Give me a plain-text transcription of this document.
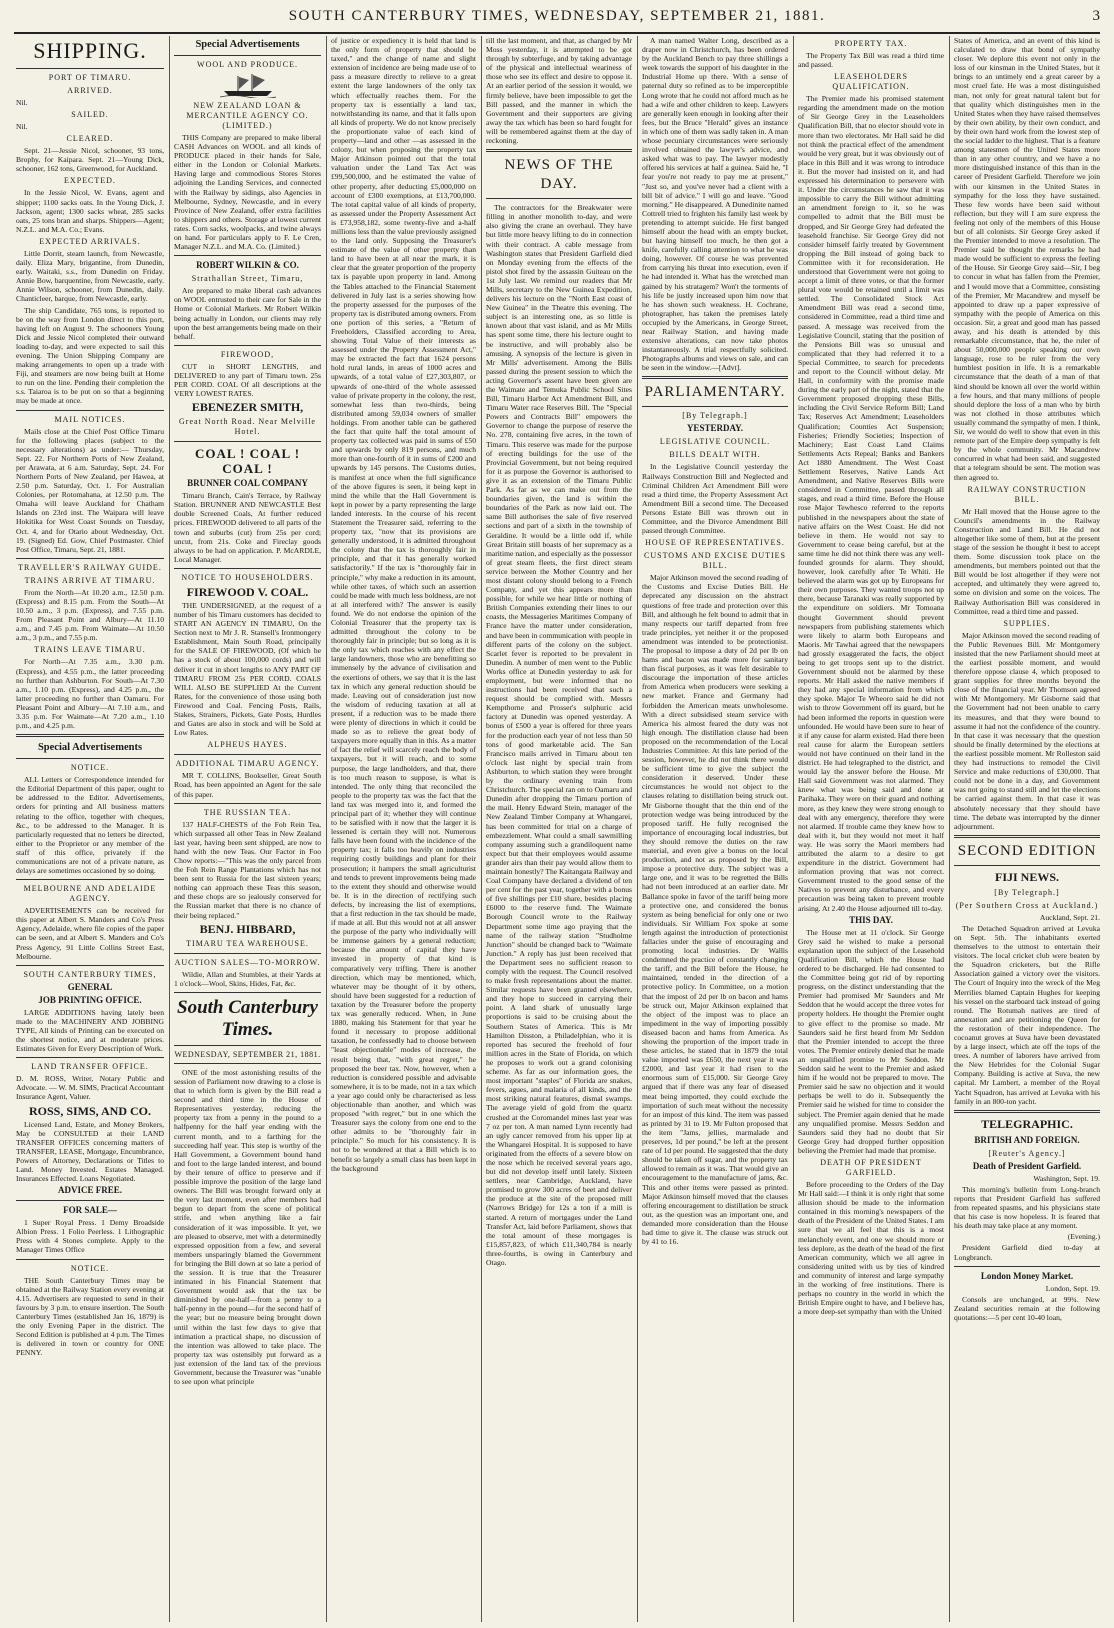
SOUTH CANTERBURY TIMES, WEDNESDAY, SEPTEMBER 21, 1881.	3
SHIPPING.
PORT OF TIMARU.
ARRIVED.

Nil.

SAILED.

Nil.

CLEARED.

Sept. 21—Jessie Nicol, schooner, 93 tons, Brophy, for Kaipara. Sept. 21—Young Dick, schooner, 162 tons, Greenwood, for Auckland.

EXPECTED.

In the Jessie Nicol, W. Evans, agent and shipper; 1100 sacks oats. In the Young Dick, J. Jackson, agent; 1300 sacks wheat, 285 sacks oats, 25 tons bran and sharps. Shippers—Agent; N.Z.L. and M.A. Co.; Evans.

EXPECTED ARRIVALS.

Little Dorrit, steam launch, from Newcastle, daily. Eliza Mary, brigantine, from Dunedin, early. Waitaki, s.s., from Dunedin on Friday. Annie Bow, barquentine, from Newcastle, early. Annie Wilson, schooner, from Dunedin, daily. Chanticleer, barque, from Newcastle, early.

The ship Candidate, 765 tons, is reported to be on the way from London direct to this port, having left on August 9. The schooners Young Dick and Jessie Nicol completed their outward loading to-day, and were expected to sail this evening. The Union Shipping Company are making arrangements to open up a trade with Fiji, and steamers are now being built at Home to run on the line. Pending their completion the s.s. Taiaroa is to be put on so that a beginning may be made at once.

MAIL NOTICES.

Mails close at the Chief Post Office Timaru for the following places (subject to the necessary alterations) as under:— Thursday, Sept. 22. For Northern Ports of New Zealand, per Arawata, at 6 a.m. Saturday, Sept. 24. For Northern Ports of New Zealand, per Hawea, at 2.50 p.m. Saturday, Oct. 1. For Australian Colonies, per Rotomahana, at 12.50 p.m. The Omaha will leave Auckland for Chatham Islands on 23rd inst. The Waipara will leave Hokitika for West Coast Sounds on Tuesday, Oct. 4, and for Otario about Wednesday, Oct. 19. (Signed) Ed. Gow, Chief Postmaster. Chief Post Office, Timaru, Sept. 21, 1881.

TRAVELLER'S RAILWAY GUIDE.
TRAINS ARRIVE AT TIMARU.

From the North—At 10.20 a.m., 12.50 p.m. (Express) and 8.15 p.m. From the South—At 10.50 a.m., 3 p.m. (Express), and 7.55 p.m. From Pleasant Point and Albury—At 11.10 a.m., and 7.45 p.m. From Waimate—At 10.50 a.m., 3 p.m., and 7.55 p.m.

TRAINS LEAVE TIMARU.

For North—At 7.35 a.m., 3.30 p.m. (Express), and 4.55 p.m., the latter proceeding no further than Ashburton. For South—At 7.30 a.m., 1.10 p.m. (Express), and 4.25 p.m., the latter proceeding no further than Oamaru. For Pleasant Point and Albury—At 7.10 a.m., and 3.35 p.m. For Waimate—At 7.20 a.m., 1.10 p.m., and 4.25 p.m.

Special Advertisements
NOTICE.

ALL Letters or Correspondence intended for the Editorial Department of this paper, ought to be addressed to the Editor. Advertisements, orders for printing and All business matters relating to the office, together with cheques, &c., to be addressed to the Manager. It is particularly requested that no letters be directed, either to the Proprietor or any member of the staff of this office, privately if the communications are not of a private nature, as delays are sometimes occasioned by so doing.

MELBOURNE AND ADELAIDE AGENCY.

ADVERTISEMENTS can be received for this paper at Albert S. Manders and Co's Press Agency, Adelaide, where file copies of the paper can be seen, and at Albert S. Manders and Co's Press Agency, 91 Little Collins Street East, Melbourne.

SOUTH CANTERBURY TIMES,
GENERAL
JOB PRINTING OFFICE.

LARGE ADDITIONS having lately been made to the MACHINERY AND JOBBING TYPE, All kinds of Printing can be executed on the shortest notice, and at moderate prices. Estimates Given for Every Description of Work.

LAND TRANSFER OFFICE.

D. M. ROSS, Writer, Notary Public and Advocate. — W. M. SIMS, Practical Accountant Insurance Agent, Valuer.

ROSS, SIMS, AND CO.

Licensed Land, Estate, and Money Brokers, May be CONSULTED at their LAND TRANSFER OFFICES concerning matters of TRANSFER, LEASE, Mortgage, Encumbrance, Powers of Attorney, Declarations or Titles to Land. Money Invested. Estates Managed. Insurances Effected. Loans Negotiated.

ADVICE FREE.
FOR SALE—

1 Super Royal Press. 1 Demy Broadside Albion Press. 1 Folio Peerless. 1 Lithographic Press with 4 Stones complete. Apply to the Manager Times Office

NOTICE.

THE South Canterbury Times may be obtained at the Railway Station every evening at 4.15. Advertisers are requested to send in their favours by 3 p.m. to ensure insertion. The South Canterbury Times (established Jan 16, 1879) is the only Evening Paper in the district. The Second Edition is published at 4 p.m. The Times is delivered in town or country for ONE PENNY.

Special Advertisements
WOOL AND PRODUCE.
NEW ZEALAND LOAN & MERCANTILE AGENCY CO. (LIMITED.)

THIS Company are prepared to make liberal CASH Advances on WOOL and all kinds of PRODUCE placed in their hands for Sale, either in the London or Colonial Markets. Having large and commodious Stores Stores adjoining the Landing Services, and connected with the Railway by sidings, also Agencies in Melbourne, Sydney, Newcastle, and in every Province of New Zealand, offer extra facilities to shippers and others. Storage at lowest current rates. Corn sacks, woolpacks, and twine always on hand. For particulars apply to F. Le Cren, Manager N.Z.L. and M.A. Co. (Limited.)

ROBERT WILKIN & CO.
Strathallan Street, Timaru,

Are prepared to make liberal cash advances on WOOL entrusted to their care for Sale in the Home or Colonial Markets. Mr Robert Wilkin being actually in London, our clients may rely upon the best arrangements being made on their behalf.

FIREWOOD,

CUT in SHORT LENGTHS, and DELIVERED to any part of Timaru town. 25s PER CORD. COAL Of all descriptions at the VERY LOWEST RATES.

EBENEZER SMITH,
Great North Road. Near Melville Hotel.
COAL ! COAL ! COAL !
BRUNNER COAL COMPANY

Timaru Branch, Cain's Terrace, by Railway Station. BRUNNER AND NEWCASTLE Best double Screened Coals, At further reduced prices. FIREWOOD delivered to all parts of the town and suburbs (cut) from 25s per cord; uncut, from 21s. Coke and Fireclay goods always to be had on application. P. McARDLE, Local Manager.

NOTICE TO HOUSEHOLDERS.
FIREWOOD V. COAL.

THE UNDERSIGNED, at the request of a number of his Timaru customers has decided to START AN AGENCY IN TIMARU, On the Section next to Mr J. R. Stansell's Ironmongery Establishment, Main South Road, principally for the SALE OF FIREWOOD, (Of which he has a stock of about 100,000 cords) and will deliver it cut in short lengths to ANY PART OF TIMARU FROM 25s PER CORD. COALS WILL ALSO BE SUPPLIED At the Current Rates, for the convenience of those using both Firewood and Coal. Fencing Posts, Rails, Stakes, Strainers, Pickets, Gate Posts, Hurdles and Gates are also in stock and will be Sold at Low Rates.

ALPHEUS HAYES.
ADDITIONAL TIMARU AGENCY.

MR T. COLLINS, Bookseller, Great South Road, has been appointed an Agent for the sale of this paper.

THE RUSSIAN TEA.

137 HALF-CHESTS of the Foh Rein Tea, which surpassed all other Teas in New Zealand last year, having been sent shipped, are now to hand with the new Teas. Our Factor in Foo Chow reports:—"This was the only parcel from the Foh Rein Range Plantations which has not been sent to Russia for the last sixteen years; nothing can approach these Teas this season, and these chops are so jealously conserved for the Russian market that there is no chance of their being replaced."

BENJ. HIBBARD,
TIMARU TEA WAREHOUSE.
AUCTION SALES—TO-MORROW.

Wildie, Allan and Stumbles, at their Yards at 1 o'clock—Wool, Skins, Hides, Fat, &c.

South Canterbury Times.
WEDNESDAY, SEPTEMBER 21, 1881.

ONE of the most astonishing results of the session of Parliament now drawing to a close is that to which form is given by the Bill read a second and third time in the House of Representatives yesterday, reducing the property tax from a penny in the pound to a halfpenny for the half year ending with the current month, and to a farthing for the succeeding half year. This step is worthy of the Hall Government, a Government bound hand and foot to the large landed interest, and bound by their tenure of office to preserve and if possible improve the position of the large land owners. The Bill was brought forward only at the very last moment, even after members had begun to depart from the scene of political strife, and when anything like a fair consideration of it was impossible. It yet, we are pleased to observe, met with a determinedly expressed opposition from a few, and several members unsparingly blamed the Government for bringing the Bill down at so late a period of the session. It is true that the Treasurer intimated in his Financial Statement that Government would ask that the tax be diminished by one-half—from a penny to a half-penny in the pound—for the second half of the year; but no measure being brought down until within the last few days to give that intimation a practical shape, no discussion of the intention was allowed to take place. The property tax was ostensibly put forward as a just extension of the land tax of the previous Government, because the Treasurer was "unable to see upon what principle

of justice or expediency it is held that land is the only form of property that should be taxed," and the change of name and slight extension of incidence are being made use of to pass a measure directly to relieve to a great extent the large landowners of the only tax which effectually reaches them. For the property tax is essentially a land tax, notwithstanding its name, and that it falls upon all kinds of property. We do not know precisely the proportionate value of each kind of property—land and other —as assessed in the colony, but when proposing the property tax Major Atkinson pointed out that the total valuation under the Land Tax Act was £99,500,000, and he estimated the value of other property, after deducting £5,000,000 on account of £300 exemptions, at £13,700,000. The total capital value of all kinds of property, as assessed under the Property Assessment Act is £73,958,182, some twenty-five and a-half millions less than the value previously assigned to the land only. Supposing the Treasurer's estimate of the value of other property than land to have been at all near the mark, it is clear that the greater proportion of the property tax is payable upon property in land. Among the Tables attached to the Financial Statement delivered in July last is a series showing how the property assessed for the purposes of the property tax is distributed among owners. From one portion of this series, a "Return of Freeholders, Classified according to Area, showing Total Value of their interests as assessed under the Property Assessment Act," may be extracted the fact that 1624 persons hold rural lands, in areas of 1000 acres and upwards, of a total value of £27,303,807, or upwards of one-third of the whole assessed value of private property in the colony, the rest, somewhat less than two-thirds, being distributed among 59,034 owners of smaller holdings. From another table can be gathered the fact that quite half the total amount of property tax collected was paid in sums of £50 and upwards by only 819 persons, and much more than one-fourth of it in sums of £200 and upwards by 145 persons. The Customs duties, is manifest at once when the full significance of the above figures is seen, it being kept in mind the while that the Hall Government is kept in power by a party representing the large landed interests. In the course of his recent Statement the Treasurer said, referring to the property tax, "now that its provisions are generally understood, it is admitted throughout the colony that the tax is thoroughly fair in principle, and that it has generally worked satisfactorily." If the tax is "thoroughly fair in principle," why make a reduction in its amount, while other taxes, of which such an assertion could be made with much less boldness, are not at all interfered with? The answer is easily found. We do not endorse the opinion of the Colonial Treasurer that the property tax is admitted throughout the colony to be thoroughly fair in principle; but so long as it is the only tax which reaches with any effect the large landowners, those who are benefitting so immensely by the advance of civilisation and the exertions of others, we say that it is the last tax in which any general reduction should be made. Leaving out of consideration just now the wisdom of reducing taxation at all at present, if a reduction was to be made there were plenty of directions in which it could be made so as to relieve the great body of taxpayers more equally than in this. As a matter of fact the relief will scarcely reach the body of taxpayers, but it will reach, and to some purpose, the large landholders, and that, there is too much reason to suppose, is what is intended. The only thing that reconciled the people to the property tax was the fact that the land tax was merged into it, and formed the principal part of it; whether they will continue to be satisfied with it now that the larger it is lessened is certain they will not. Numerous falls have been found with the incidence of the property tax; it falls too heavily on industries requiring costly buildings and plant for their prosecution; it hampers the small agriculturist and tends to prevent improvements being made to the extent they should and otherwise would be. It is in the direction of rectifying such defects, by increasing the list of exemptions, that a first reduction in the tax should be made, if made at all. But this would not at all answer the purpose of the party who individually will be immense gainers by a general reduction; because the amount of capital they have invested in property of that kind is comparatively very trifling. There is another direction, which may be mentioned, which, whatever may be thought of it by others, should have been suggested for a reduction of taxation by the Treasurer before the property tax was generally reduced. When, in June 1880, making his Statement for that year he found it necessary to propose additional taxation, he confessedly had to choose between "least objectionable" modes of increase, the result being that, "with great regret," he proposed the beer tax. Now, however, when a reduction is considered possible and advisable somewhere, it is to be made, not in a tax which a year ago could only be characterised as less objectionable than another, and which was proposed "with regret," but in one which the Treasurer says the colony from one end to the other admits to be "thoroughly fair in principle." So much for his consistency. It is not to be wondered at that a Bill which is to benefit so largely a small class has been kept in the background

till the last moment, and that, as charged by Mr Moss yesterday, it is attempted to be got through by subterfuge, and by taking advantage of the physical and intellectual weariness of those who see its effect and desire to oppose it. At an earlier period of the session it would, we firmly believe, have been impossible to get the Bill passed, and the manner in which the Government and their supporters are giving away the tax which has been so hard fought for will be remembered against them at the day of reckoning.

NEWS OF THE DAY.

The contractors for the Breakwater were filling in another monolith to-day, and were also giving the crane an overhaul. They have but little more heavy lifting to do in connection with their contract. A cable message from Washington states that President Garfield died on Monday evening from the effects of the pistol shot fired by the assassin Guiteau on the 1st July last. We remind our readers that Mr Mills, secretary to the New Guinea Expedition, delivers his lecture on the "North East coast of New Guinea" in the Theatre this evening. The subject is an interesting one, as so little is known about that vast island, and as Mr Mills has spent some time, there his lecture ought to be instructive, and will probably also be amusing. A synopsis of the lecture is given in Mr Mills' advertisement. Among the Bills passed during the present session to which the acting Governor's assent have been given are the Waimate and Temuka Public School Sites Bill, Timaru Harbor Act Amendment Bill, and Timaru Water race Reserves Bill. The "Special Powers and Contracts Bill" empowers the Governor to change the purpose of reserve the No. 278, containing five acres, in the town of Timaru. This reserve was made for the purpose of erecting buildings for the use of the Provincial Government, but not being required for it as purpose the Governor is authorised to give it as an extension of the Timaru Public Park. As far as we can make out from the boundaries given, the land is within the boundaries of the Park as now laid out. The same Bill authorises the sale of five reserved sections and part of a sixth in the township of Geraldine. It would be a little odd if, while Great Britain still boasts of her supremacy as a maritime nation, and especially as the possessor of great steam fleets, the first direct steam service between the Mother Country and her most distant colony should belong to a French Company, and yet this appears more than possible, for while we hear little or nothing of British Companies extending their lines to our coasts, the Messageries Maritimes Company of France have the matter under consideration, and have been in communication with people in different parts of the colony on the subject. Scarlet fever is reported to be prevalent in Dunedin. A number of men went to the Public Works office at Dunedin yesterday to ask for employment, but were informed that no instructions had been received that such a request should be complied with. Messrs Kempthorne and Prosser's sulphuric acid factory at Dunedin was opened yesterday. A bonus of £500 a year is offered for three years for the production each year of not less than 50 tons of good marketable acid. The San Francisco mails arrived in Timaru about ten o'clock last night by special train from Ashburton, to which station they were brought by the ordinary evening train from Christchurch. The special ran on to Oamaru and Dunedin after dropping the Timaru portion of the mail. Henry Edward Stein, manager of the New Zealand Timber Company at Whangarei, has been committed for trial on a charge of embezzlement. What could a small sawmilling company assuming such a grandiloquent name expect but that their employees would assume grander airs than their pay would allow them to maintain honestly? The Kaitangata Railway and Coal Company have declared a dividend of ten per cent for the past year, together with a bonus of five shillings per £10 share, besides placing £6000 to the reserve fund. The Waimate Borough Council wrote to the Railway Department some time ago praying that the name of the railway station "Studholme Junction" should be changed back to "Waimate Junction." A reply has just been received that the Department sees no sufficient reason to comply with the request. The Council resolved to make fresh representations about the matter. Similar requests have been granted elsewhere, and they hope to succeed in carrying their point. A land shark of unusually large proportions is said to be cruising about the Southern States of America. This is Mr Hamilton Disston, a Philadelphian, who it is reported has secured the freehold of four million acres in the State of Florida, on which he proposes to work out a grand colonising scheme. As far as our information goes, the most important "staples" of Florida are snakes, fevers, agues, and malaria of all kinds, and the most striking natural features, dismal swamps. The average yield of gold from the quartz crushed at the Coromandel mines last year was 7 oz per ton. A man named Lynn recently had an ugly cancer removed from his upper lip at the Whangarei Hospital. It is supposed to have originated from the effects of a severe blow on the nose which he received several years ago, but did not develop itself until lately. Sixteen settlers, near Cambridge, Auckland, have promised to grow 300 acres of beet and deliver the produce at the site of the proposed mill (Narrows Bridge) for 12s a ton if a mill is started. A return of mortgages under the Land Transfer Act, laid before Parliament, shows that the total amount of these mortgages is £15,857,823, of which £11,340,784 is nearly three-fourths, is owing in Canterbury and Otago.

A man named Walter Long, described as a draper now in Christchurch, has been ordered by the Auckland Bench to pay three shillings a week towards the support of his daughter in the Industrial Home up there. With a sense of paternal duty so refined as to be imperceptible Long wrote that he could not afford much as he had a wife and other children to keep. Lawyers are generally keen enough in looking after their fees, but the Bruce "Herald" gives an instance in which one of them was sadly taken in. A man whose pecuniary circumstances were seriously involved obtained the lawyer's advice, and asked what was to pay. The lawyer modestly offered his services at half a guinea. Said he, "I fear you're not ready to pay me at present," "Just so, and you've never had a client with a bill bit of advice." I will go and leave. "Good morning." He disappeared. A Dunedinite named Cottrell tried to frighten his family last week by pretending to attempt suicide. He first banged himself about the head with an empty bucket, but having himself too much, he then got a knife, carefully calling attention to what he was doing, however. Of course he was prevented from carrying his threat into execution, even if he had intended it. What has the wretched man gained by his stratagem? Won't the torments of his life be justly increased upon him now that he has shown such weakness. H. Cochrane, photographer, has taken the premises lately occupied by the Americans, in George Street, near Railway Station, and having made extensive alterations, can now take photos instantaneously. A trial respectfully solicited. Photographs albums and views on sale, and can be seen in the window.—[Advt].

PARLIAMENTARY.
[By Telegraph.]
YESTERDAY.
LEGISLATIVE COUNCIL.
BILLS DEALT WITH.

In the Legislative Council yesterday the Railways Construction Bill and Neglected and Criminal Children Act Amendment Bill were read a third time, the Property Assessment Act Amendment Bill a second time. The Deceased Persons Estate Bill was thrown out in Committee, and the Divorce Amendment Bill passed through Committee.

HOUSE OF REPRESENTATIVES.
CUSTOMS AND EXCISE DUTIES BILL.

Major Atkinson moved the second reading of the Customs and Excise Duties Bill. He deprecated any discussion on the abstract questions of free trade and protection over this Bill, and although he felt bound to admit that in many respects our tariff departed from free trade principles, yet neither it or the proposed amendment was intended to be protectionist. The proposal to impose a duty of 2d per lb on hams and bacon was made more for sanitary than fiscal purposes, as it was felt desirable to discourage the importation of these articles from America when producers were seeking a new market. France and Germany had forbidden the American meats unwholesome. With a direct subsidised steam service with America his almost feared the duty was not high enough. The distillation clause had been proposed on the recommendation of the Local Industries Committee. At this late period of the session, however, he did not think there would be sufficient time to give the subject the consideration it deserved. Under these circumstances he would not object to the clauses relating to distillation being struck out. Mr Gisborne thought that the thin end of the protection wedge was being introduced by the proposed tariff. He fully recognised the importance of encouraging local industries, but they should remove the duties on the raw material, and even give a bonus on the local production, and not as proposed by the Bill, impose a protective duty. The subject was a large one, and it was to be regretted the Bills had not been introduced at an earlier date. Mr Ballance spoke in favor of the tariff being more a protective one, and considered the bonus system as being beneficial for only one or two individuals. Sir William Fox spoke at some length against the introduction of protectionist fallacies under the guise of encouraging and promoting local industries. Dr Wallis condemned the practice of constantly changing the tariff, and the Bill before the House, he maintained, tended in the direction of a protective policy. In Committee, on a motion that the impost of 2d per lb on bacon and hams be struck out, Major Atkinson explained that the object of the impost was to place an impediment in the way of importing possibly diseased bacon and hams from America. As showing the proportion of the import trade in these articles, he stated that in 1879 the total value imported was £650, the next year it was £2000, and last year it had risen to the enormous sum of £15,000. Sir George Grey argued that if there was any fear of diseased meat being imported, they could exclude the importation of such meat without the necessity for an impost of this kind. The item was passed as printed by 31 to 19. Mr Fulton proposed that the item "Jams, jellies, marmalade and preserves, 1d per pound," be left at the present rate of 1d per pound. He suggested that the duty should be taken off sugar, and the property tax allowed to remain as it was. That would give an encouragement to the manufacture of jams, &c. This and other items were passed as printed. Major Atkinson himself moved that the clauses offering encouragement to distillation be struck out, as the question was an important one, and demanded more consideration than the House had time to give it. The clause was struck out by 41 to 16.

PROPERTY TAX.

The Property Tax Bill was read a third time and passed.

LEASEHOLDERS QUALIFICATION.

The Premier made his promised statement regarding the amendment made on the motion of Sir George Grey in the Leaseholders Qualification Bill, that no elector should vote in more than two electorates. Mr Hall said he did not think the practical effect of the amendment would be very great, but it was obviously out of place in this Bill and it was wrong to introduce it. But the mover had insisted on it, and had expressed his determination to persevere with it. Under the circumstances he saw that it was impossible to carry the Bill without admitting an amendment foreign to it, so he was compelled to admit that the Bill must be dropped, and Sir George Grey had defeated the leasehold franchise. Sir George Grey did not consider himself fairly treated by Government dropping the Bill instead of going back to Committee with it for reconsideration. He understood that Government were not going to accept a limit of three votes, or that the former plural vote would be retained until a limit was settled. The Consolidated Stock Act Amendment Bill was read a second time, considered in Committee, read a third time and passed. A message was received from the Legislative Council, stating that the position of the Pensions Bill was so unusual and complicated that they had referred it to a Special Committee, to search for precedents and report to the Council without delay. Mr Hall, in conformity with the promise made during the early part of the night, stated that the Government proposed dropping these Bills, including the Civil Service Reform Bill; Land Tax; Reserves Act Amendment; Leaseholders Qualification; Counties Act Suspension; Fisheries; Friendly Societies; Inspection of Machinery; East Coast Land Claims Settlements Acts Repeal; Banks and Bankers Act 1880 Amendment. The West Coast Settlement Reserves, Native Lands Act Amendment, and Native Reserves Bills were considered in Committee, passed through all stages, and read a third time. Before the House rose Major Tewhesco referred to the reports published in the newspapers about the state of native affairs on the West Coast. He did not believe in them. He would not say to Government to cease being careful, but at the same time he did not think there was any well-founded grounds for alarm. They should, however, look carefully after Te Whiti. He believed the alarm was got up by Europeans for their own purposes. They wanted troops not up there, because Taranaki was really supported by the expenditure on soldiers. Mr Tomoana thought Government should prevent newspapers from publishing statements which were likely to alarm both Europeans and Maoris. Mr Tawhai agreed that the newspapers had grossly exaggerated the facts, the object being to get troops sent up to the district. Government should not be alarmed by these reports. Mr Hall asked the native members if they had any special information from which they spoke. Major Te Wheoro said he did not wish to throw Government off its guard, but he had been informed the reports in question were unfounded. He would have been sure to hear of it if any cause for alarm existed. Had there been real cause for alarm the European settlers would not have continued on their land in the district. He had telegraphed to the district, and would lay the answer before the House. Mr Hall said Government was not alarmed. They knew what was being said and done at Parihaka. They were on their guard and nothing more, as they knew they were strong enough to deal with any emergency, therefore they were not alarmed. If trouble came they knew how to deal with it, but they would not meet it half way. He was sorry the Maori members had attributed the alarm to a desire to get expenditure in the district. Government had information proving that was not correct. Government trusted to the good sense of the Natives to prevent any disturbance, and every precaution was being taken to prevent trouble arising. At 2.40 the House adjourned till to-day.

THIS DAY.

The House met at 11 o'clock. Sir George Grey said he wished to make a personal explanation upon the subject of the Leasehold Qualification Bill, which the House had ordered to be discharged. He had consented to the Committee being got rid of by reporting progress, on the distinct understanding that the Premier had promised Mr Saunders and Mr Seddon that he would accept the three votes for property holders. He thought the Premier ought to give effect to the promise so made. Mr Saunders said he first heard from Mr Seddon that the Premier intended to accept the three votes. The Premier entirely denied that he made an unqualified promise to Mr Seddon. Mr Seddon said he went to the Premier and asked him if he would not be prepared to move. The Premier said he saw no objection and it would perhaps be well to do it. Subsequently the Premier said he wished for time to consider the subject. The Premier again denied that he made any unqualified promise. Messrs Seddon and Saunders said they had no doubt that Sir George Grey had dropped further opposition believing the Premier had made that promise.

DEATH OF PRESIDENT GARFIELD.

Before proceeding to the Orders of the Day Mr Hall said:—I think it is only right that some allusion should be made to the information contained in this morning's newspapers of the death of the President of the United States. I am sure that we all feel that this is a most melancholy event, and one we should more or less deplore, as the death of the head of the first American community, which we all agree in considering united with us by ties of kindred and community of interest and large sympathy in the working of free institutions. There is perhaps no country in the world in which the British Empire ought to have, and I believe has, a more deep-set sympathy than with the United

States of America, and an event of this kind is calculated to draw that bond of sympathy closer. We deplore this event not only in the loss of our kinsman in the United States, but it brings to an untimely end a great career by a most cruel fate. He was a most distinguished man, not only for great natural talent but for that quality which distinguishes men in the United States when they have raised themselves by their own ability, by their own conduct, and by their own hard work from the lowest step of the social ladder to the highest. That is a feature among statesmen of the United States more than in any other country, and we have a no more distinguished instance of this than in the career of President Garfield. Therefore we join with our kinsmen in the United States in sympathy for the loss they have sustained. These few words have been said without reflection, but they will I am sure express the feeling not only of the members of this House but of all colonists. Sir George Grey asked if the Premier intended to move a resolution. The Premier said he thought the remarks he had made would be sufficient to express the feeling of the House. Sir George Grey said—Sir, I beg to concur in what has fallen from the Premier, and I would move that a Committee, consisting of the Premier, Mr Macandrew and myself be appointed to draw up a paper expressive of sympathy with the people of America on this occasion. Sir, a great and good man has passed away, and his death is attended by this remarkable circumstance, that he, the ruler of about 50,000,000 people speaking our own language, rose to be ruler from the very humblest position in life. It is a remarkable circumstance that the death of a man of that kind should be known all over the world within a few hours, and that many millions of people should deplore the loss of a man who by birth was not clothed in those attributes which usually command the sympathy of men. I think, Sir, we would do well to show that even in this remote part of the Empire deep sympathy is felt by the whole community. Mr Macandrew concurred in what had been said, and suggested that a telegram should be sent. The motion was then agreed to.

RAILWAY CONSTRUCTION BILL.

Mr Hall moved that the House agree to the Council's amendments in the Railway Construction and Land Bill. He did not altogether like some of them, but at the present stage of the session he thought it best to accept them. Some discussion took place on the amendments, but members pointed out that the Bill would be lost altogether if they were not accepted, and ultimately they were agreed to, some on division and some on the voices. The Railway Authorisation Bill was considered in Committee, read a third time and passed.

SUPPLIES.

Major Atkinson moved the second reading of the Public Revenues Bill. Mr Montgomery insisted that the new Parliament should meet at the earliest possible moment, and would therefore oppose clause 4, which proposed to grant supplies for three months beyond the close of the financial year. Mr Thomson agreed with Mr Montgomery. Mr Gisborne said that the Government had not been unable to carry its measures, and that they were bound to assume it had not the confidence of the country. In that case it was necessary that the question should be finally determined by the elections at the earliest possible moment. Mr Rolleston said they had instructions to remodel the Civil Service and make reductions of £30,000. That could not be done in a day, and Government was not going to stand still and let the elections be carried against them. In that case it was absolutely necessary that they should have time. The debate was interrupted by the dinner adjournment.

SECOND EDITION
FIJI NEWS.
[By Telegraph.]
(Per Southern Cross at Auckland.)

Auckland, Sept. 21.

The Detached Squadron arrived at Levuka on Sept. 5th. The inhabitants exerted themselves to the utmost to entertain their visitors. The local cricket club were beaten by the Squadron cricketers, but the Rifle Association gained a victory over the visitors. The Court of Inquiry into the wreck of the Meg Merrilies blamed Captain Hughes for keeping his vessel on the starboard tack instead of going round. The Rotumah natives are tired of annexation and are petitioning the Queen for the restoration of their independence. The cocoanut groves at Suva have been devastated by a large insect, which ate off the tops of the trees. A number of laborers have arrived from the New Hebrides for the Colonial Sugar Company. Building is active at Suva, the new capital. Mr Lambert, a member of the Royal Yacht Squadron, has arrived at Levuka with his family in an 800-ton yacht.

TELEGRAPHIC.
BRITISH AND FOREIGN.
[Reuter's Agency.]
Death of President Garfield.

Washington, Sept. 19.

This morning's bulletin from Long-branch reports that President Garfield has suffered from repeated spasms, and his physicians state that his case is now hopeless. It is feared that his death may take place at any moment.

(Evening.)

President Garfield died to-day at Longbranch.

London Money Market.

London, Sept. 19.

Consols are unchanged, at 99¾. New Zealand securities remain at the following quotations:—5 per cent 10-40 loan,
